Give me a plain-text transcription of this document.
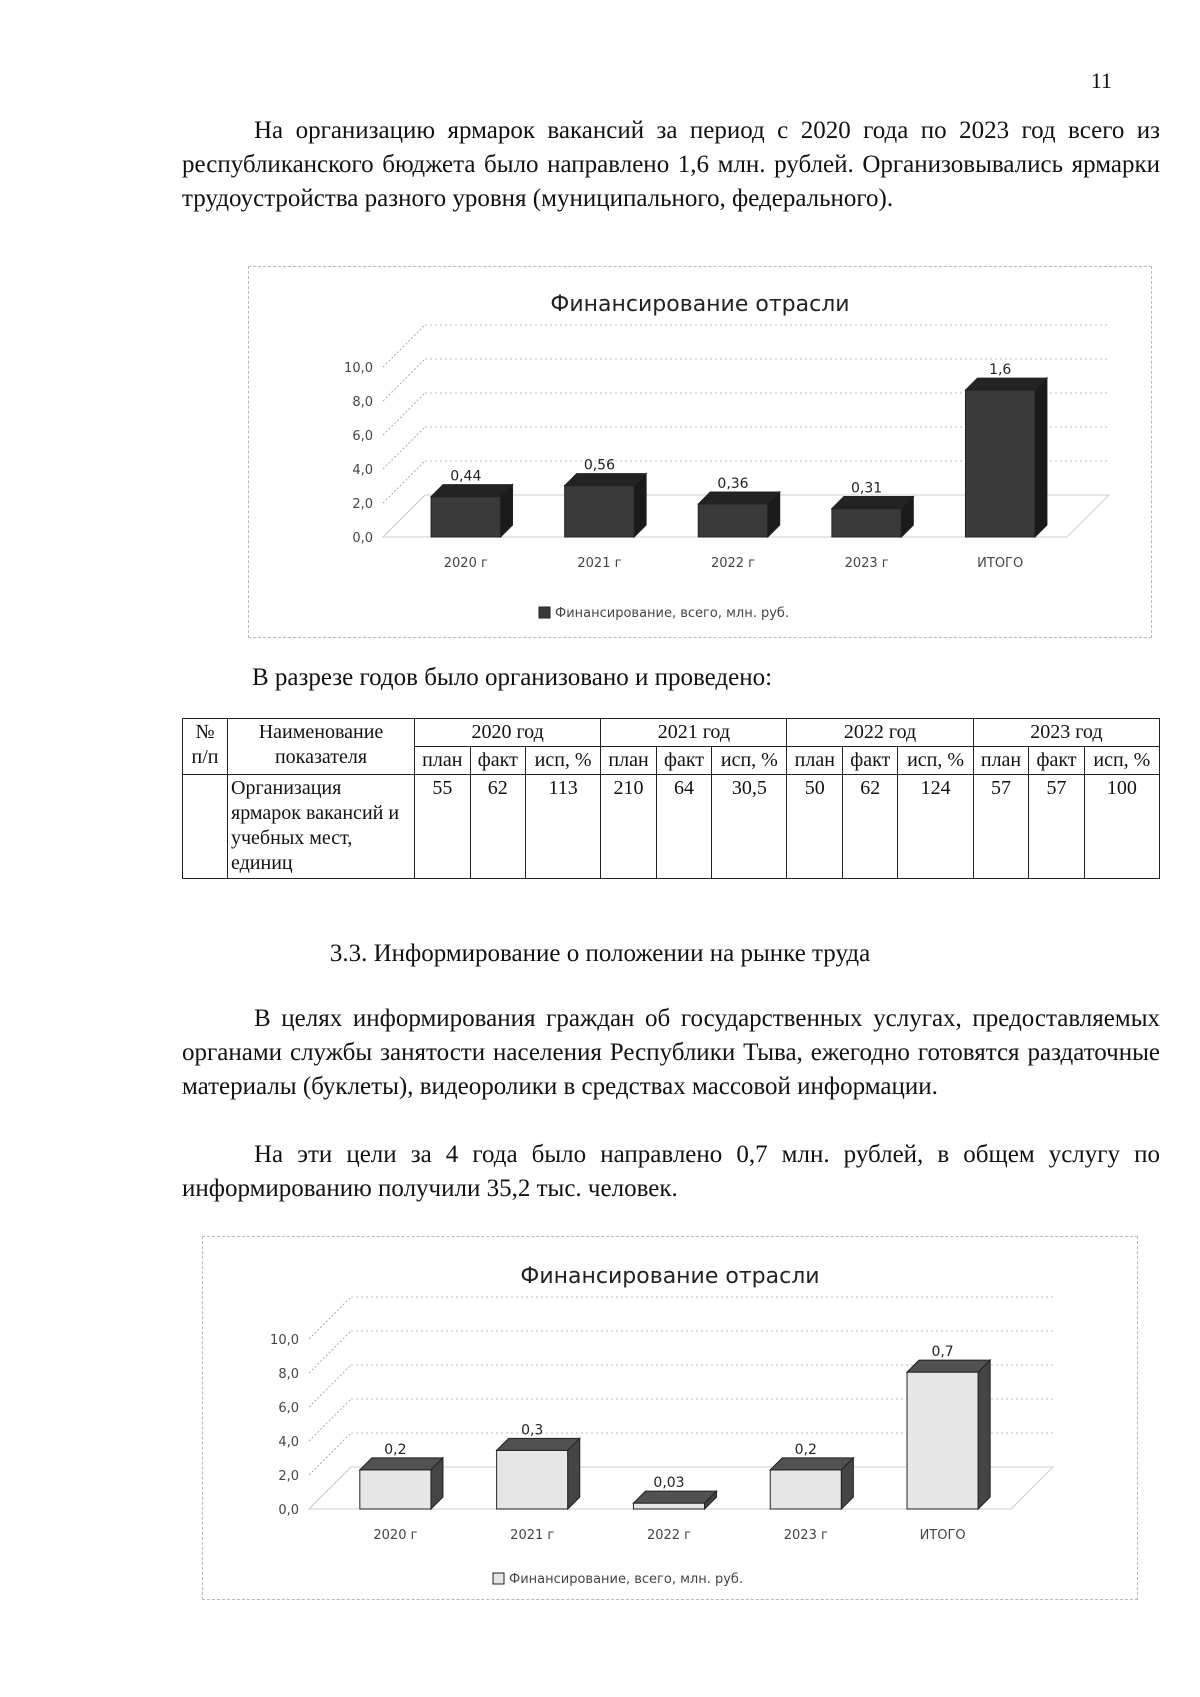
11

На организацию ярмарок вакансий за период с 2020 года по 2023 год всего из республиканского бюджета было направлено 1,6 млн. рублей. Организовывались ярмарки трудоустройства разного уровня (муниципального, федерального).

Финансирование отрасли
0,0
2,0
4,0
6,0
8,0
10,0
0,44
2020 г
0,56
2021 г
0,36
2022 г
0,31
2023 г
1,6
ИТОГО
Финансирование, всего, млн. руб.

В разрезе годов было организовано и проведено:

№ п/п	Наименование показателя	2020 год			2021 год			2022 год			2023 год		
		план	факт	исп, %	план	факт	исп, %	план	факт	исп, %	план	факт	исп, %
	Организация ярмарок вакансий и учебных мест, единиц	55	62	113	210	64	30,5	50	62	124	57	57	100
3.3. Информирование о положении на рынке труда

В целях информирования граждан об государственных услугах, предоставляемых органами службы занятости населения Республики Тыва, ежегодно готовятся раздаточные материалы (буклеты), видеоролики в средствах массовой информации.

На эти цели за 4 года было направлено 0,7 млн. рублей, в общем услугу по информированию получили 35,2 тыс. человек.

Финансирование отрасли
0,0
2,0
4,0
6,0
8,0
10,0
0,2
2020 г
0,3
2021 г
0,03
2022 г
0,2
2023 г
0,7
ИТОГО
Финансирование, всего, млн. руб.
